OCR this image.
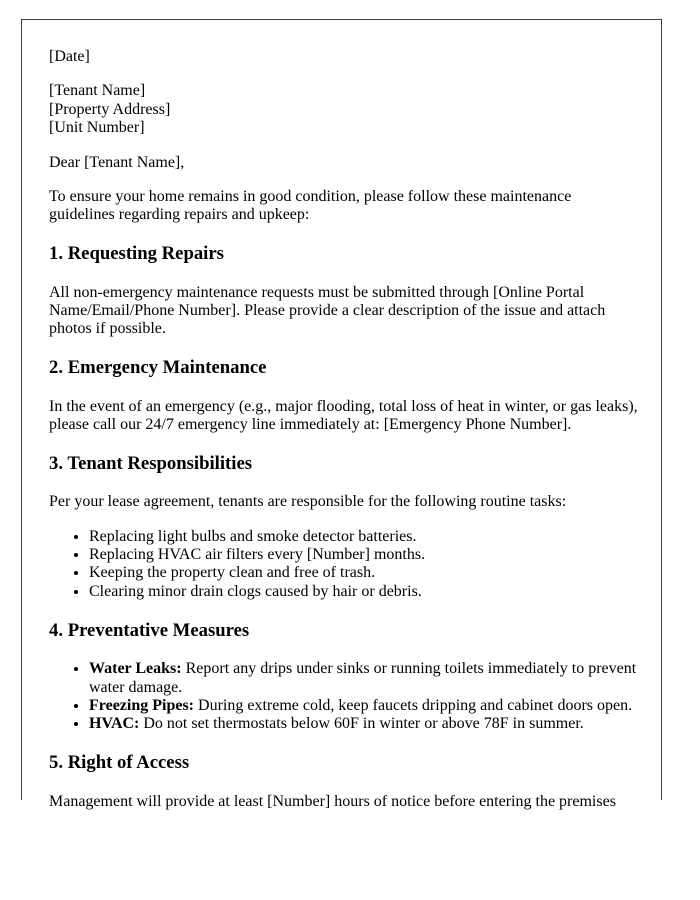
[Date]

[Tenant Name]
[Property Address]
[Unit Number]

Dear [Tenant Name],

To ensure your home remains in good condition, please follow these maintenance guidelines regarding repairs and upkeep:

1. Requesting Repairs

All non-emergency maintenance requests must be submitted through [Online Portal Name/Email/Phone Number]. Please provide a clear description of the issue and attach photos if possible.

2. Emergency Maintenance

In the event of an emergency (e.g., major flooding, total loss of heat in winter, or gas leaks), please call our 24/7 emergency line immediately at: [Emergency Phone Number].

3. Tenant Responsibilities

Per your lease agreement, tenants are responsible for the following routine tasks:

• Replacing light bulbs and smoke detector batteries.
• Replacing HVAC air filters every [Number] months.
• Keeping the property clean and free of trash.
• Clearing minor drain clogs caused by hair or debris.
4. Preventative Measures
• Water Leaks: Report any drips under sinks or running toilets immediately to prevent water damage.
• Freezing Pipes: During extreme cold, keep faucets dripping and cabinet doors open.
• HVAC: Do not set thermostats below 60F in winter or above 78F in summer.
5. Right of Access

Management will provide at least [Number] hours of notice before entering the premises
